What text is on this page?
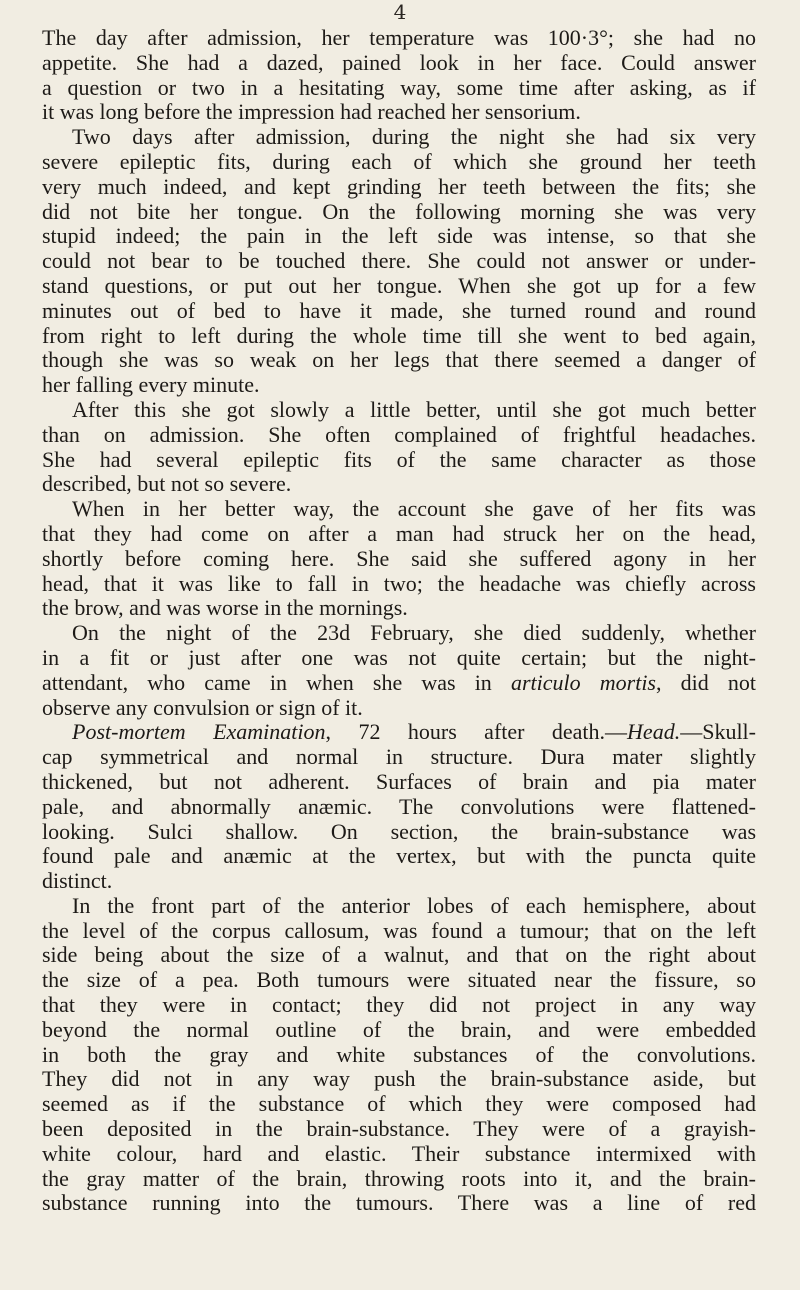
4
The day after admission, her temperature was 100·3°; she had no
appetite. She had a dazed, pained look in her face. Could answer
a question or two in a hesitating way, some time after asking, as if
it was long before the impression had reached her sensorium.
Two days after admission, during the night she had six very
severe epileptic fits, during each of which she ground her teeth
very much indeed, and kept grinding her teeth between the fits; she
did not bite her tongue. On the following morning she was very
stupid indeed; the pain in the left side was intense, so that she
could not bear to be touched there. She could not answer or under-
stand questions, or put out her tongue. When she got up for a few
minutes out of bed to have it made, she turned round and round
from right to left during the whole time till she went to bed again,
though she was so weak on her legs that there seemed a danger of
her falling every minute.
After this she got slowly a little better, until she got much better
than on admission. She often complained of frightful headaches.
She had several epileptic fits of the same character as those
described, but not so severe.
When in her better way, the account she gave of her fits was
that they had come on after a man had struck her on the head,
shortly before coming here. She said she suffered agony in her
head, that it was like to fall in two; the headache was chiefly across
the brow, and was worse in the mornings.
On the night of the 23d February, she died suddenly, whether
in a fit or just after one was not quite certain; but the night-
attendant, who came in when she was in articulo mortis, did not
observe any convulsion or sign of it.
Post-mortem Examination, 72 hours after death.—Head.—Skull-
cap symmetrical and normal in structure. Dura mater slightly
thickened, but not adherent. Surfaces of brain and pia mater
pale, and abnormally anæmic. The convolutions were flattened-
looking. Sulci shallow. On section, the brain-substance was
found pale and anæmic at the vertex, but with the puncta quite
distinct.
In the front part of the anterior lobes of each hemisphere, about
the level of the corpus callosum, was found a tumour; that on the left
side being about the size of a walnut, and that on the right about
the size of a pea. Both tumours were situated near the fissure, so
that they were in contact; they did not project in any way
beyond the normal outline of the brain, and were embedded
in both the gray and white substances of the convolutions.
They did not in any way push the brain-substance aside, but
seemed as if the substance of which they were composed had
been deposited in the brain-substance. They were of a grayish-
white colour, hard and elastic. Their substance intermixed with
the gray matter of the brain, throwing roots into it, and the brain-
substance running into the tumours. There was a line of red
